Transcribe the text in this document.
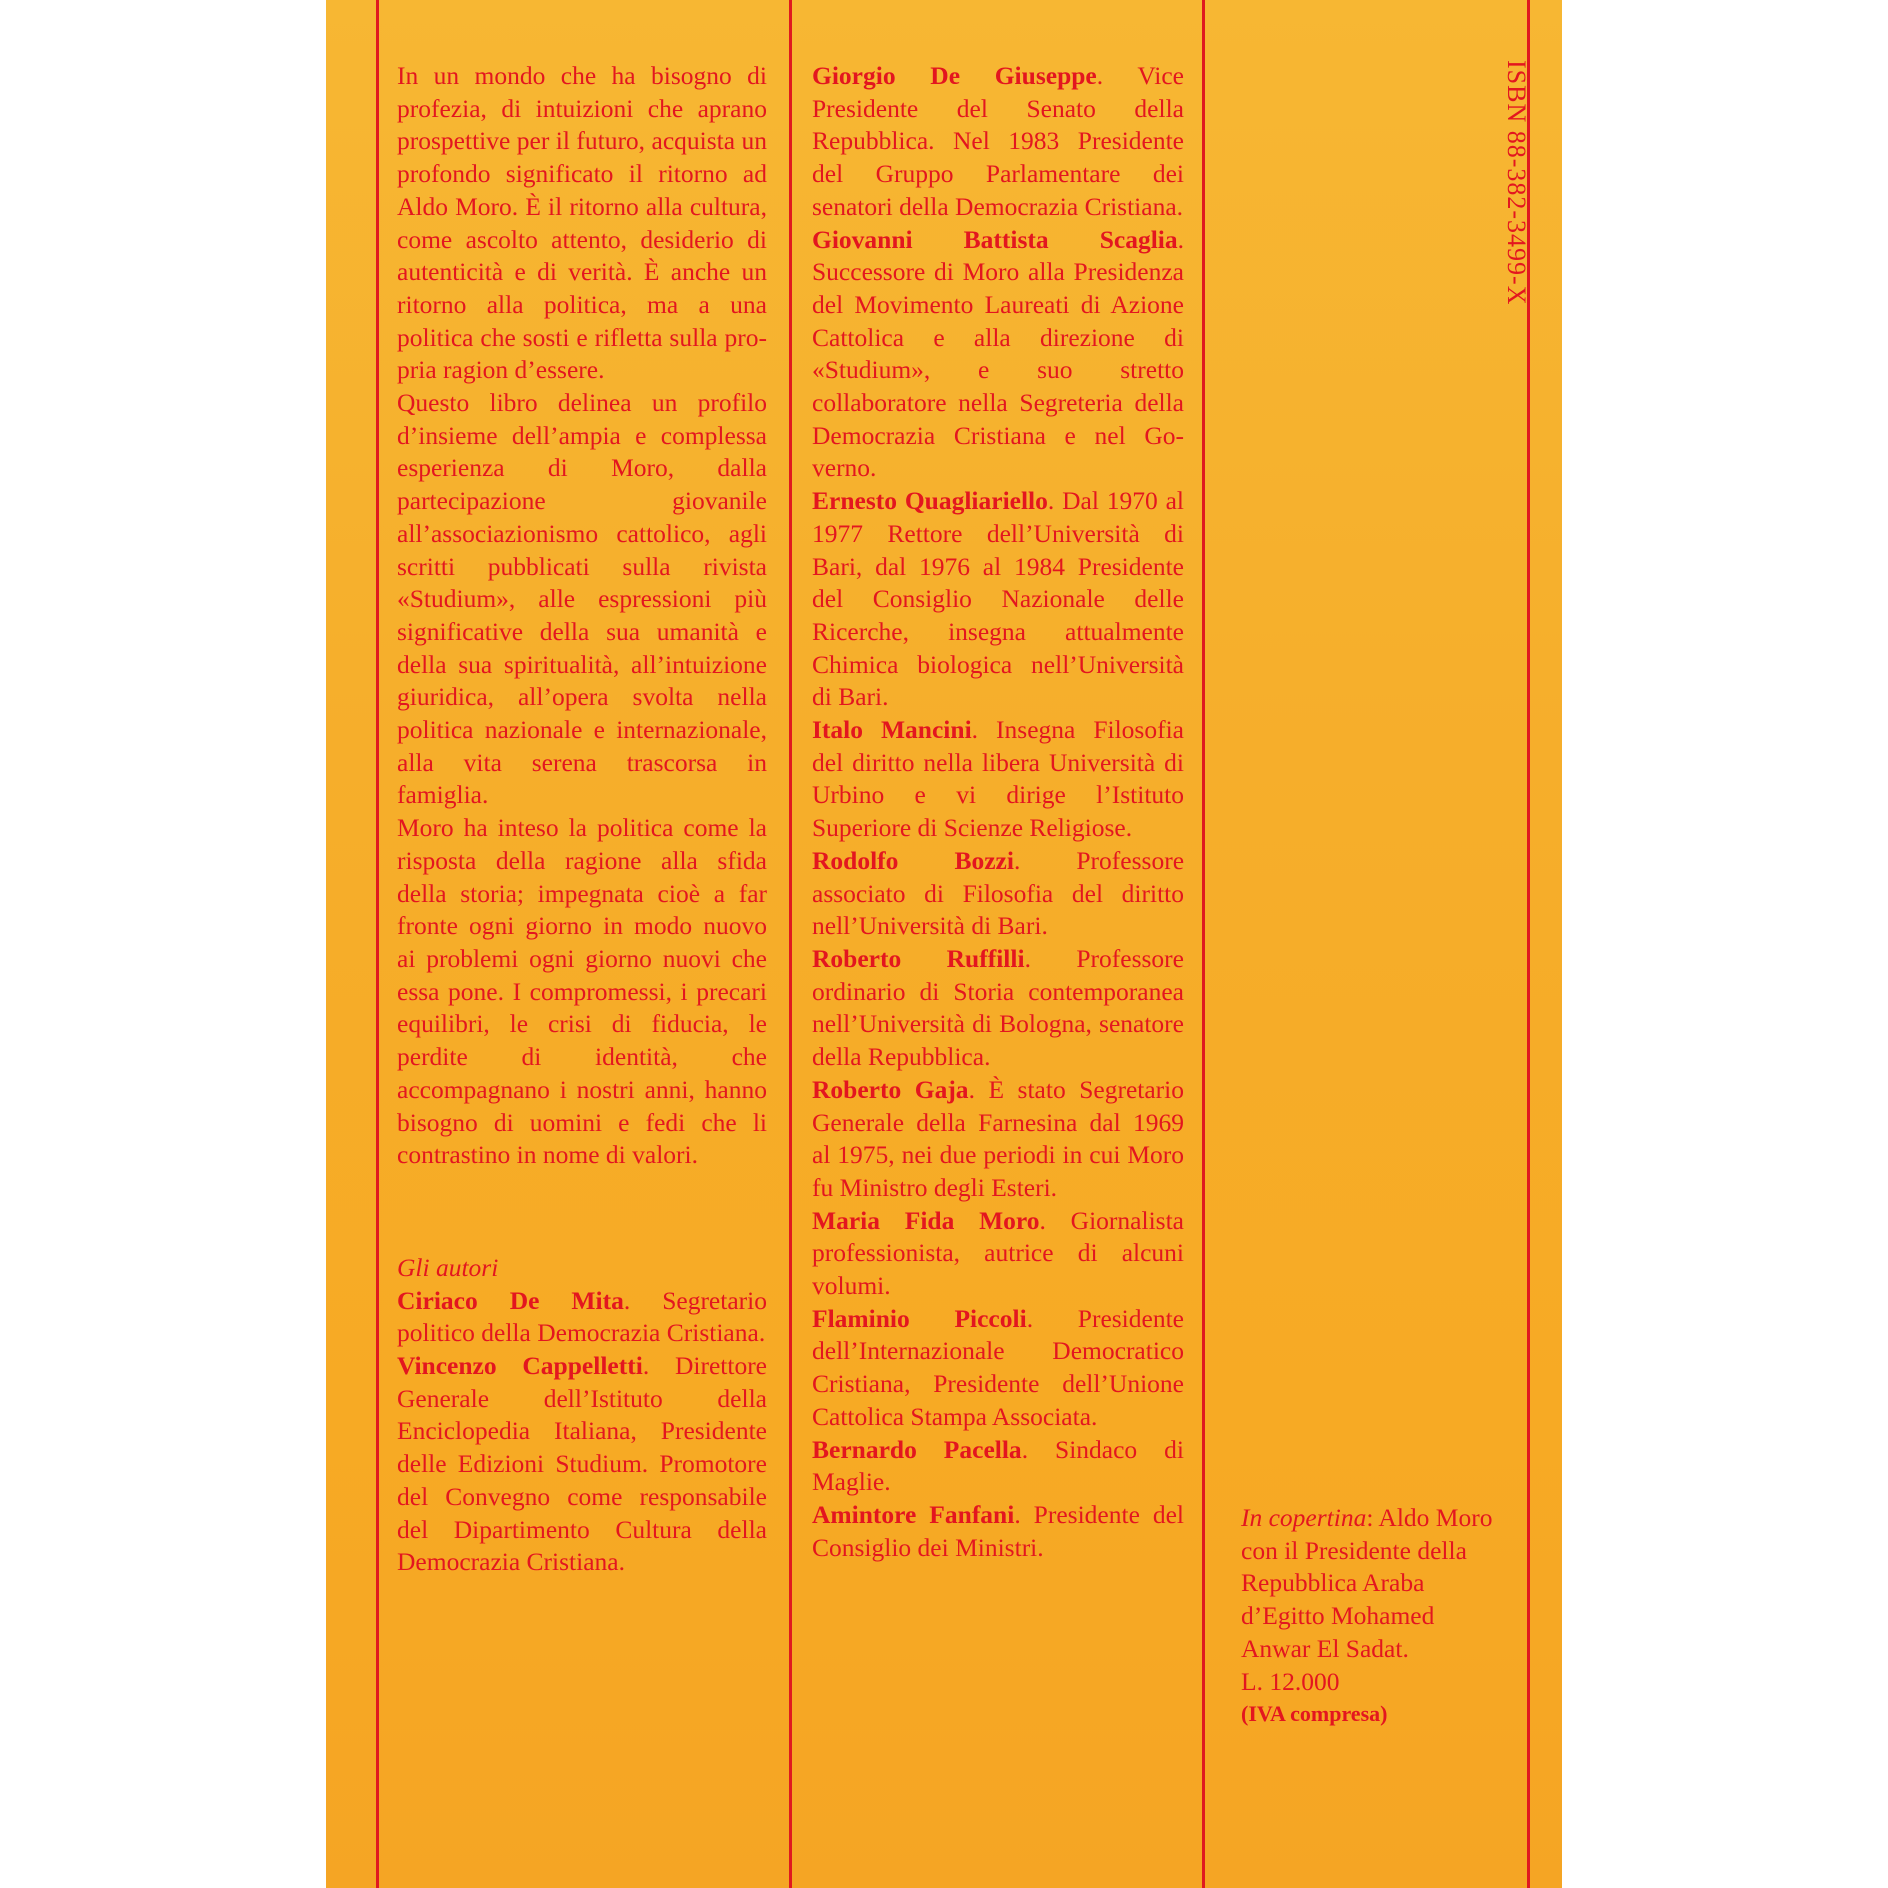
In un mondo che ha bisogno di profezia, di intuizioni che aprano prospettive per il futuro, acquista un profondo significato il ritorno ad Aldo Moro. È il ritorno alla cultura, come ascolto attento, desiderio di autenticità e di verità. È anche un ritorno alla politica, ma a una politica che sosti e rifletta sulla propria ragion d’essere.

Questo libro delinea un profilo d’insieme dell’ampia e complessa esperienza di Moro, dalla partecipazione giovanile all’associazionismo cattolico, agli scritti pubblicati sulla rivista «Studium», alle espressioni più significative della sua umanità e della sua spiritualità, all’intuizione giuridica, all’opera svolta nella politica nazionale e internazionale, alla vita serena trascorsa in famiglia.

Moro ha inteso la politica come la risposta della ragione alla sfida della storia; impegnata cioè a far fronte ogni giorno in modo nuovo ai problemi ogni giorno nuovi che essa pone. I compromessi, i precari equilibri, le crisi di fiducia, le perdite di identità, che accompagnano i nostri anni, hanno bisogno di uomini e fedi che li contrastino in nome di valori.

Gli autori

Ciriaco De Mita. Segretario politico della Democrazia Cristiana.

Vincenzo Cappelletti. Direttore Generale dell’Istituto della Enciclopedia Italiana, Presidente delle Edizioni Studium. Promotore del Convegno come responsabile del Dipartimento Cultura della Democrazia Cristiana.

Giorgio De Giuseppe. Vice Presidente del Senato della Repubblica. Nel 1983 Presidente del Gruppo Parlamentare dei senatori della Democrazia Cristiana.

Giovanni Battista Scaglia. Successore di Moro alla Presidenza del Movimento Laureati di Azione Cattolica e alla direzione di «Studium», e suo stretto collaboratore nella Segreteria della Democrazia Cristiana e nel Governo.

Ernesto Quagliariello. Dal 1970 al 1977 Rettore dell’Università di Bari, dal 1976 al 1984 Presidente del Consiglio Nazionale delle Ricerche, insegna attualmente Chimica biologica nell’Università di Bari.

Italo Mancini. Insegna Filosofia del diritto nella libera Università di Urbino e vi dirige l’Istituto Superiore di Scienze Religiose.

Rodolfo Bozzi. Professore associato di Filosofia del diritto nell’Università di Bari.

Roberto Ruffilli. Professore ordinario di Storia contemporanea nell’Università di Bologna, senatore della Repubblica.

Roberto Gaja. È stato Segretario Generale della Farnesina dal 1969 al 1975, nei due periodi in cui Moro fu Ministro degli Esteri.

Maria Fida Moro. Giornalista professionista, autrice di alcuni volumi.

Flaminio Piccoli. Presidente dell’Internazionale Democratico Cristiana, Presidente dell’Unione Cattolica Stampa Associata.

Bernardo Pacella. Sindaco di Maglie.

Amintore Fanfani. Presidente del Consiglio dei Ministri.

ISBN 88-382-3499-X

In copertina: Aldo Moro con il Presidente della Repubblica Araba d’Egitto Mohamed Anwar El Sadat.

L. 12.000

(IVA compresa)
